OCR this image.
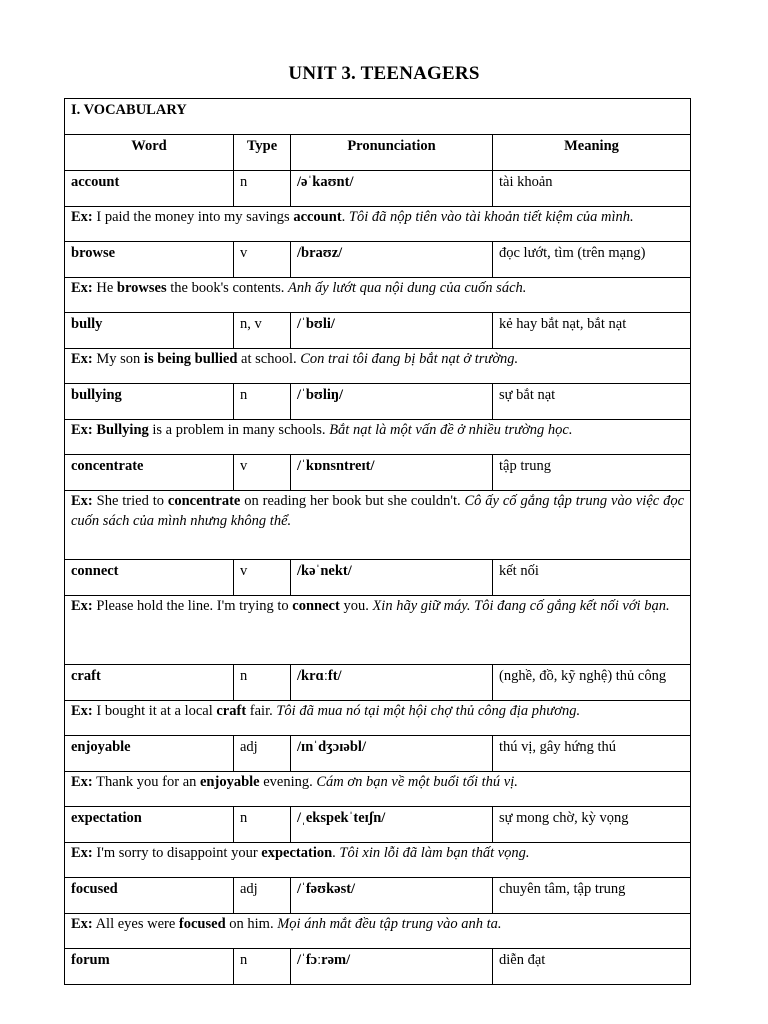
UNIT 3. TEENAGERS
I. VOCABULARY			
Word	Type	Pronunciation	Meaning
account	n	/əˈkaʊnt/	tài khoản
Ex: I paid the money into my savings account. Tôi đã nộp tiên vào tài khoản tiết kiệm của mình.			
browse	v	/braʊz/	đọc lướt, tìm (trên mạng)
Ex: He browses the book's contents. Anh ấy lướt qua nội dung của cuốn sách.			
bully	n, v	/ˈbʊli/	kẻ hay bắt nạt, bắt nạt
Ex: My son is being bullied at school. Con trai tôi đang bị bắt nạt ở trường.			
bullying	n	/ˈbʊliŋ/	sự bắt nạt
Ex: Bullying is a problem in many schools. Bắt nạt là một vấn đề ở nhiều trường học.			
concentrate	v	/ˈkɒnsntreɪt/	tập trung
Ex: She tried to concentrate on reading her book but she couldn't. Cô ấy cố gắng tập trung vào việc đọc cuốn sách của mình nhưng không thể.			
connect	v	/kəˈnekt/	kết nối
Ex: Please hold the line. I'm trying to connect you. Xin hãy giữ máy. Tôi đang cố gắng kết nối với bạn.			
craft	n	/krɑːft/	(nghề, đồ, kỹ nghệ) thủ công
Ex: I bought it at a local craft fair. Tôi đã mua nó tại một hội chợ thủ công địa phương.			
enjoyable	adj	/ɪnˈdʒɔɪəbl/	thú vị, gây hứng thú
Ex: Thank you for an enjoyable evening. Cám ơn bạn về một buổi tối thú vị.			
expectation	n	/ˌekspekˈteɪʃn/	sự mong chờ, kỳ vọng
Ex: I'm sorry to disappoint your expectation. Tôi xin lỗi đã làm bạn thất vọng.			
focused	adj	/ˈfəʊkəst/	chuyên tâm, tập trung
Ex: All eyes were focused on him. Mọi ánh mắt đều tập trung vào anh ta.			
forum	n	/ˈfɔːrəm/	diễn đạt
